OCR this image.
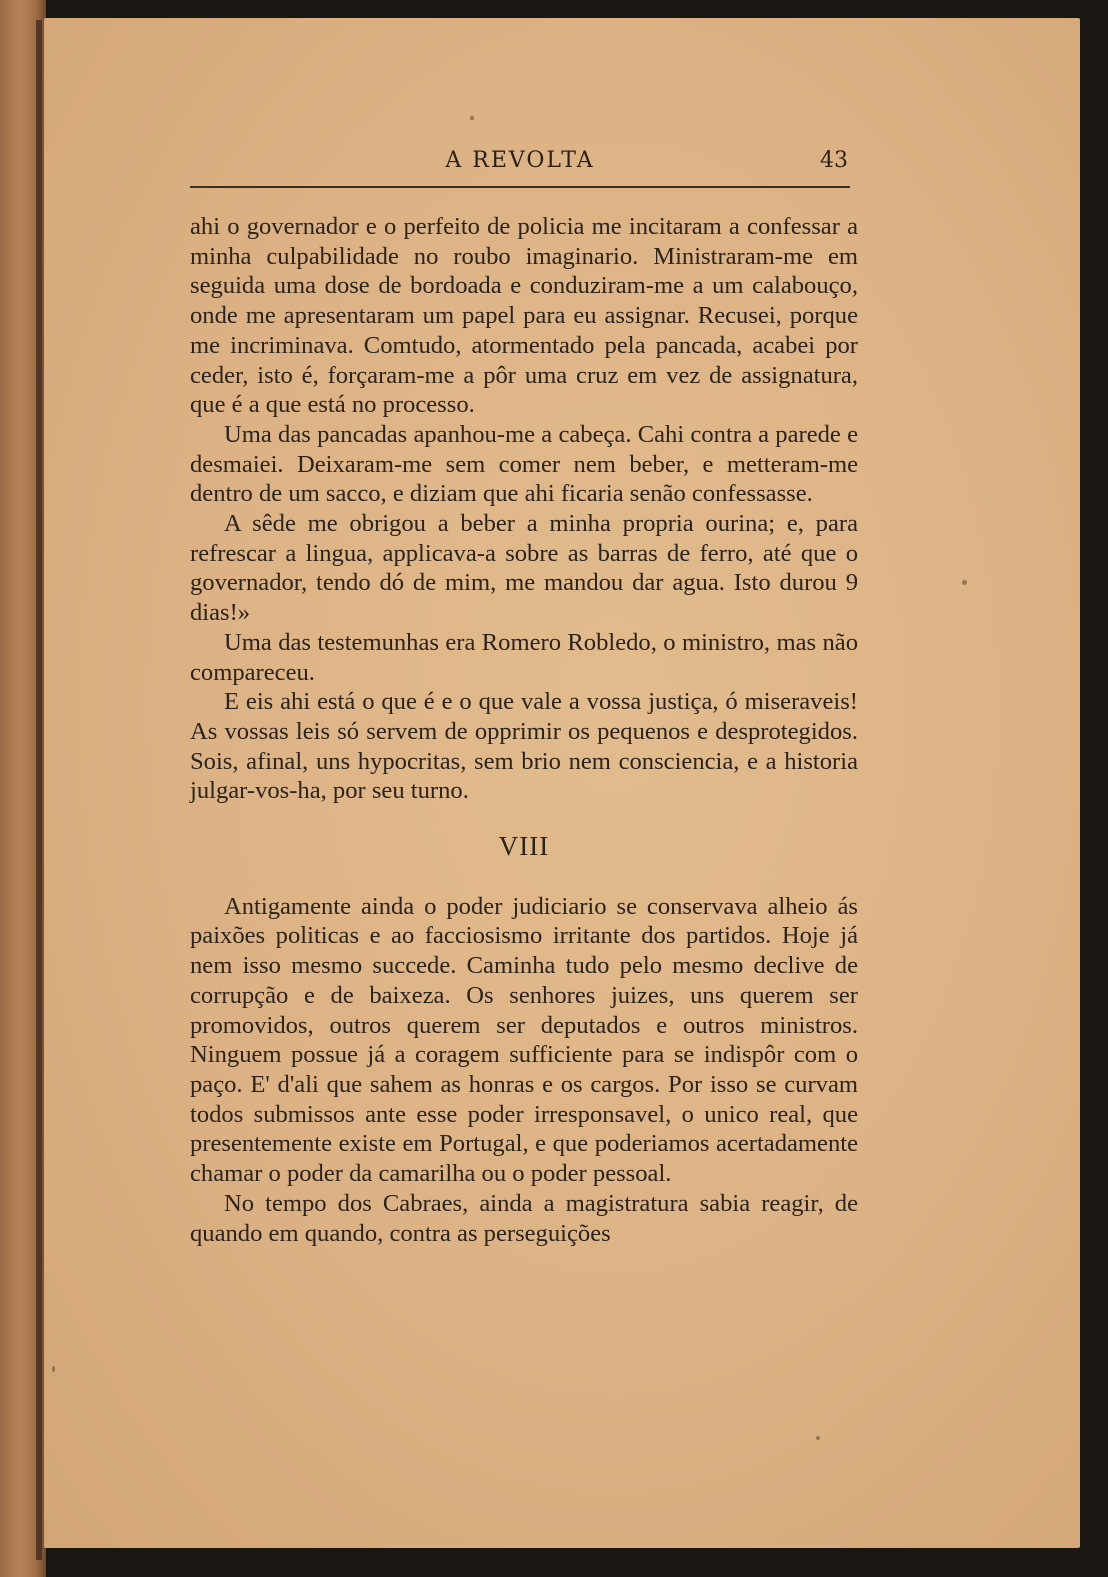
A REVOLTA	43

ahi o governador e o perfeito de policia me incitaram a confessar a minha culpabilidade no roubo imaginario. Ministraram-me em seguida uma dose de bordoada e conduziram-me a um calabouço, onde me apresentaram um papel para eu assignar. Recusei, porque me incriminava. Comtudo, atormentado pela pancada, acabei por ceder, isto é, forçaram-me a pôr uma cruz em vez de assignatura, que é a que está no processo.

Uma das pancadas apanhou-me a cabeça. Cahi contra a parede e desmaiei. Deixaram-me sem comer nem beber, e metteram-me dentro de um sacco, e diziam que ahi ficaria senão confessasse.

A sêde me obrigou a beber a minha propria ourina; e, para refrescar a lingua, applicava-a sobre as barras de ferro, até que o governador, tendo dó de mim, me mandou dar agua. Isto durou 9 dias!»

Uma das testemunhas era Romero Robledo, o ministro, mas não compareceu.

E eis ahi está o que é e o que vale a vossa justiça, ó miseraveis! As vossas leis só servem de opprimir os pequenos e desprotegidos. Sois, afinal, uns hypocritas, sem brio nem consciencia, e a historia julgar-vos-ha, por seu turno.

VIII

Antigamente ainda o poder judiciario se conservava alheio ás paixões politicas e ao facciosismo irritante dos partidos. Hoje já nem isso mesmo succede. Caminha tudo pelo mesmo declive de corrupção e de baixeza. Os senhores juizes, uns querem ser promovidos, outros querem ser deputados e outros ministros. Ninguem possue já a coragem sufficiente para se indispôr com o paço. E' d'ali que sahem as honras e os cargos. Por isso se curvam todos submissos ante esse poder irresponsavel, o unico real, que presentemente existe em Portugal, e que poderiamos acertadamente chamar o poder da camarilha ou o poder pessoal.

No tempo dos Cabraes, ainda a magistratura sabia reagir, de quando em quando, contra as perseguições
